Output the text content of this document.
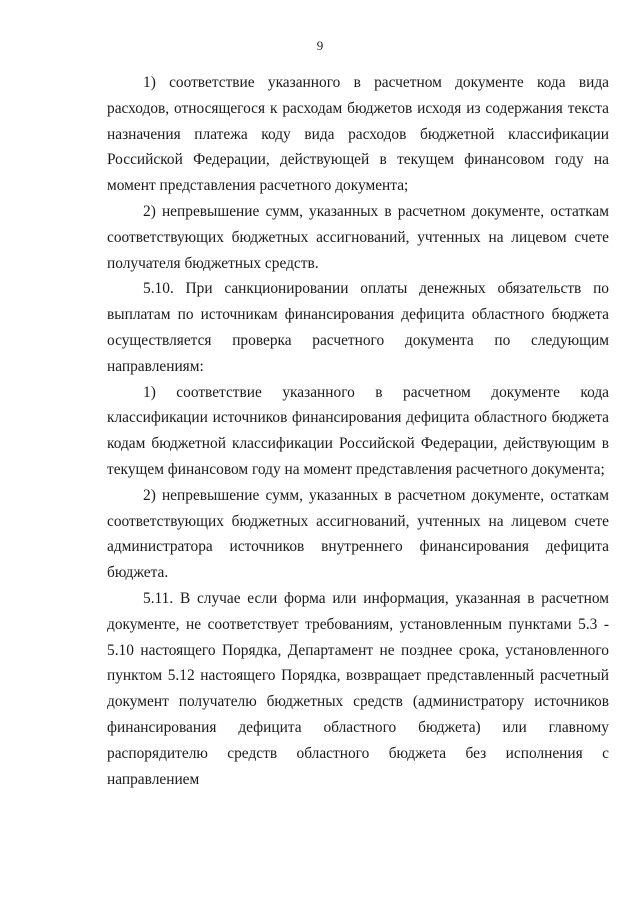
9

1) соответствие указанного в расчетном документе кода вида расходов, относящегося к расходам бюджетов исходя из содержания текста назначения платежа коду вида расходов бюджетной классификации Российской Федерации, действующей в текущем финансовом году на момент представления расчетного документа;

2) непревышение сумм, указанных в расчетном документе, остаткам соответствующих бюджетных ассигнований, учтенных на лицевом счете получателя бюджетных средств.

5.10. При санкционировании оплаты денежных обязательств по выплатам по источникам финансирования дефицита областного бюджета осуществляется проверка расчетного документа по следующим направлениям:

1) соответствие указанного в расчетном документе кода классификации источников финансирования дефицита областного бюджета кодам бюджетной классификации Российской Федерации, действующим в текущем финансовом году на момент представления расчетного документа;

2) непревышение сумм, указанных в расчетном документе, остаткам соответствующих бюджетных ассигнований, учтенных на лицевом счете администратора источников внутреннего финансирования дефицита бюджета.

5.11. В случае если форма или информация, указанная в расчетном документе, не соответствует требованиям, установленным пунктами 5.3 - 5.10 настоящего Порядка, Департамент не позднее срока, установленного пунктом 5.12 настоящего Порядка, возвращает представленный расчетный документ получателю бюджетных средств (администратору источников финансирования дефицита областного бюджета) или главному распорядителю средств областного бюджета без исполнения с направлением
